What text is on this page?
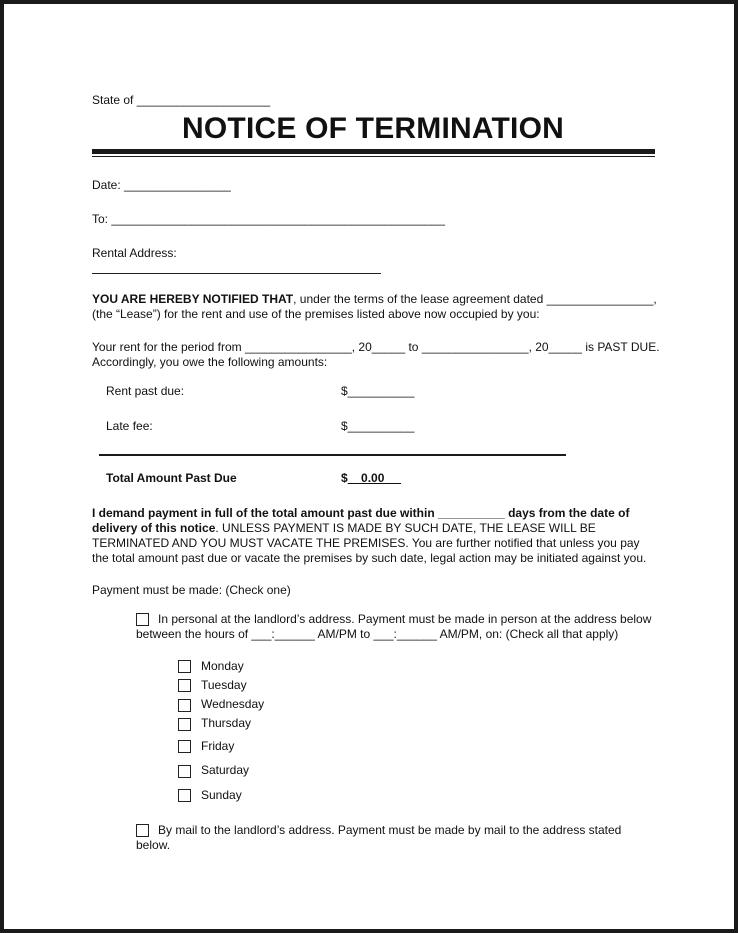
State of ____________________
NOTICE OF TERMINATION
Date: ________________
To: __________________________________________________
Rental Address:
YOU ARE HEREBY NOTIFIED THAT, under the terms of the lease agreement dated ________________,
(the “Lease”) for the rent and use of the premises listed above now occupied by you:
Your rent for the period from ________________, 20_____ to ________________, 20_____ is PAST DUE.
Accordingly, you owe the following amounts:
Rent past due:	$__________
Late fee:	$__________
Total Amount Past Due	$    0.00
I demand payment in full of the total amount past due within __________ days from the date of
delivery of this notice. UNLESS PAYMENT IS MADE BY SUCH DATE, THE LEASE WILL BE
TERMINATED AND YOU MUST VACATE THE PREMISES. You are further notified that unless you pay
the total amount past due or vacate the premises by such date, legal action may be initiated against you.
Payment must be made: (Check one)
In personal at the landlord’s address. Payment must be made in person at the address below
between the hours of ___:______ AM/PM to ___:______ AM/PM, on: (Check all that apply)
Monday
Tuesday
Wednesday
Thursday
Friday
Saturday
Sunday
By mail to the landlord’s address. Payment must be made by mail to the address stated
below.
